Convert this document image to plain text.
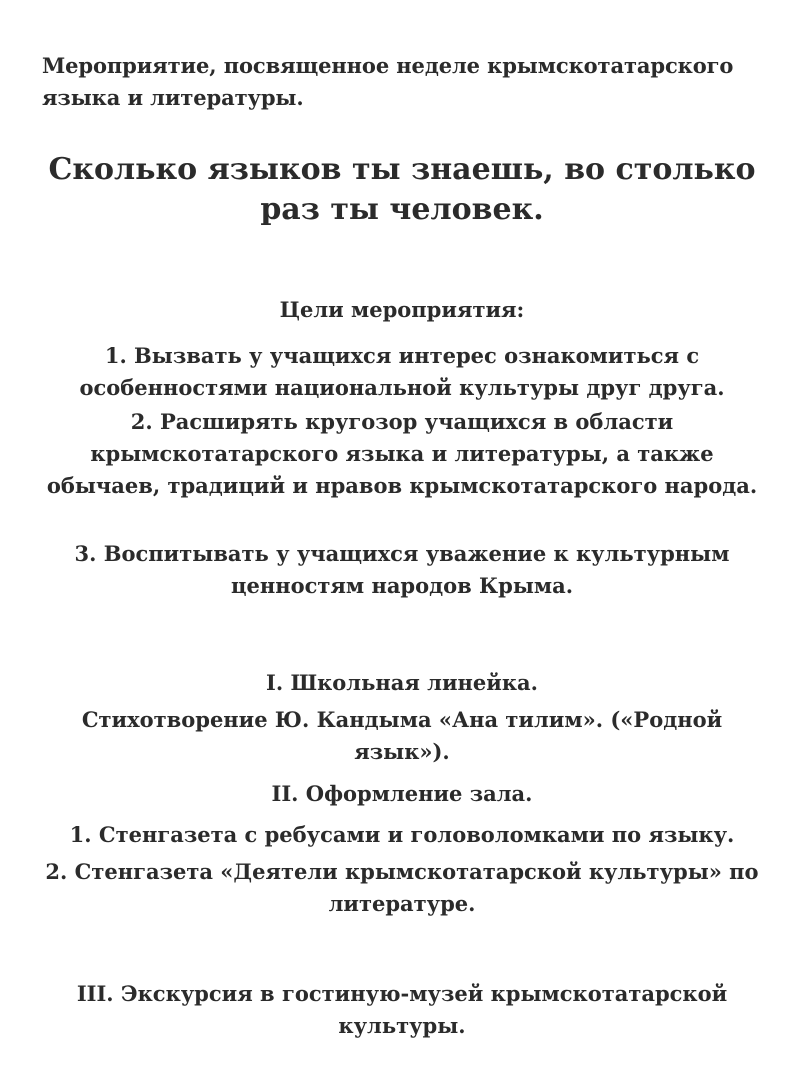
Мероприятие, посвященное неделе крымскотатарского языка и литературы.
Сколько языков ты знаешь, во столько раз ты человек.
Цели мероприятия:
1. Вызвать у учащихся интерес ознакомиться с особенностями национальной культуры друг друга.
2. Расширять кругозор учащихся в области крымскотатарского языка и литературы, а также обычаев, традиций и нравов крымскотатарского народа.
3. Воспитывать у учащихся уважение к культурным ценностям народов Крыма.
I. Школьная линейка.
Стихотворение Ю. Кандыма «Ана тилим». («Родной язык»).
II. Оформление зала.
1. Стенгазета с ребусами и головоломками по языку.
2. Стенгазета «Деятели крымскотатарской культуры» по литературе.
III. Экскурсия в гостиную-музей крымскотатарской культуры.
